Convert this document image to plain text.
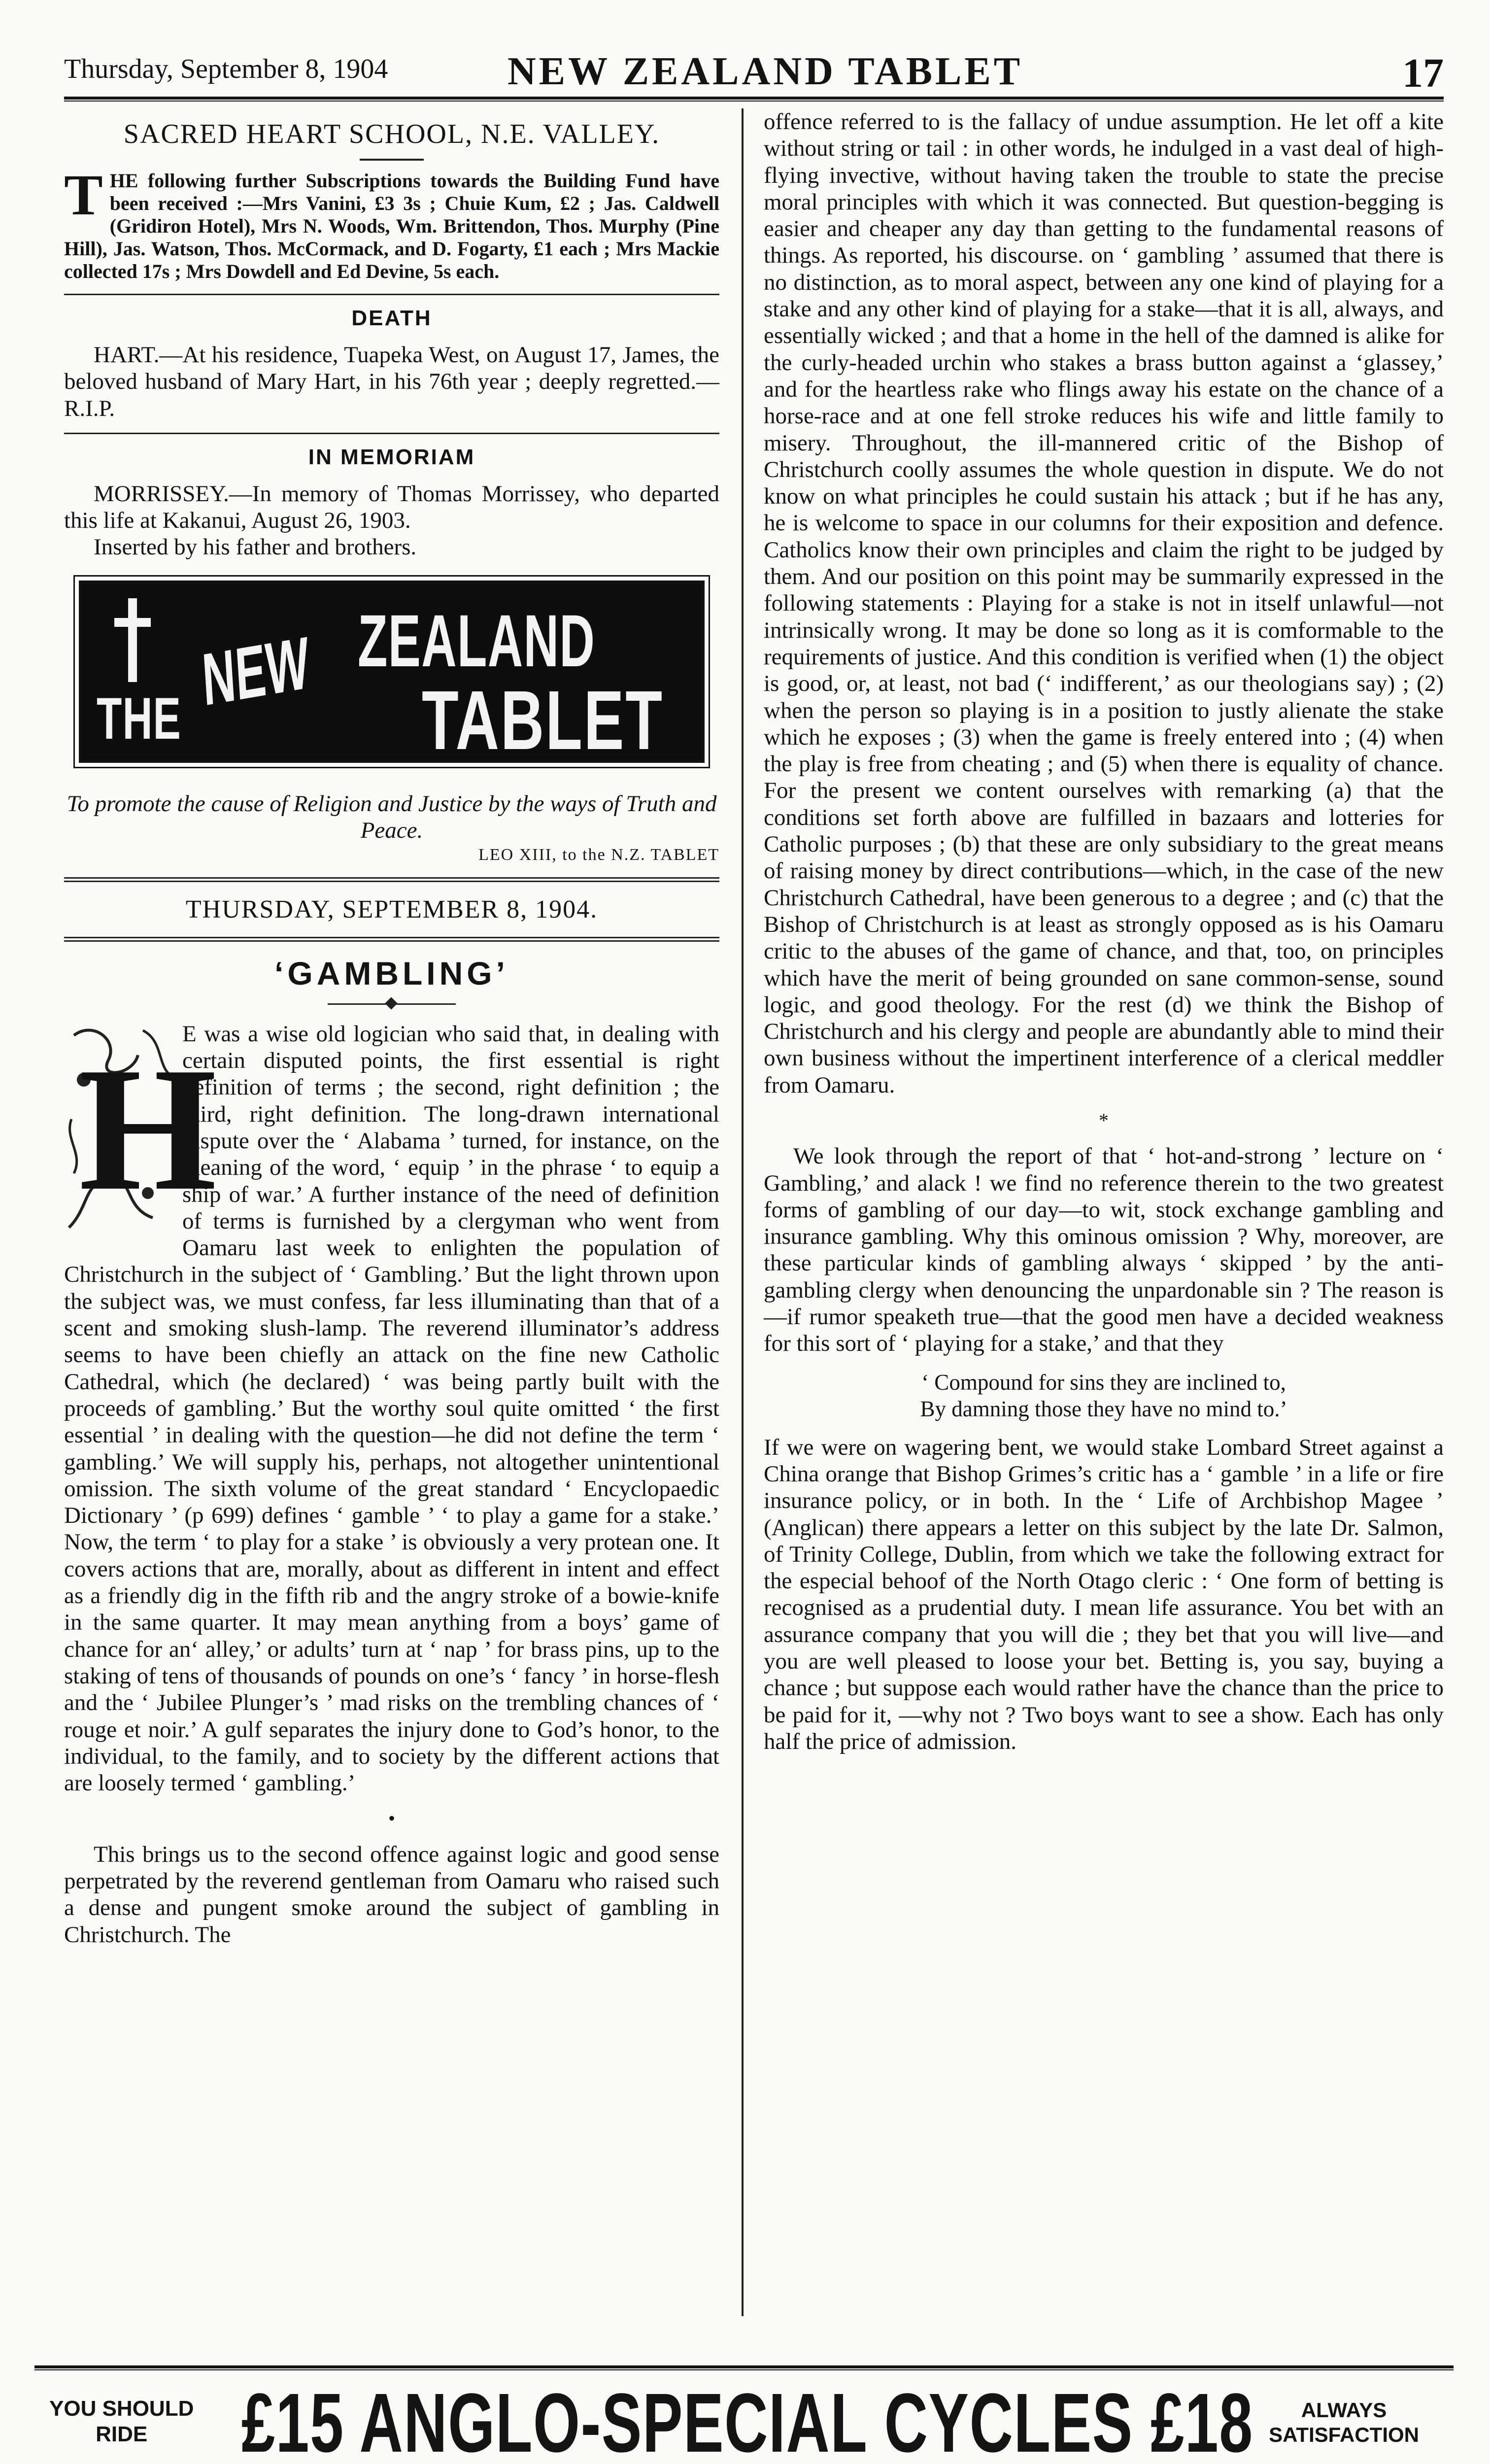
Thursday, September 8, 1904	NEW ZEALAND TABLET	17
SACRED HEART SCHOOL, N.E. VALLEY.
T HE following further Subscriptions towards the Building Fund have been received :—Mrs Vanini, £3 3s ; Chuie Kum, £2 ; Jas. Caldwell (Gridiron Hotel), Mrs N. Woods, Wm. Brittendon, Thos. Murphy (Pine Hill), Jas. Watson, Thos. McCormack, and D. Fogarty, £1 each ; Mrs Mackie collected 17s ; Mrs Dowdell and Ed Devine, 5s each.
DEATH

HART.—At his residence, Tuapeka West, on August 17, James, the beloved husband of Mary Hart, in his 76th year ; deeply regretted.—R.I.P.

IN MEMORIAM

MORRISSEY.—In memory of Thomas Morrissey, who departed this life at Kakanui, August 26, 1903.

Inserted by his father and brothers.

THE NEW ZEALAND
TABLET
To promote the cause of Religion and Justice by the ways of Truth and Peace.
LEO XIII, to the N.Z. TABLET
THURSDAY, SEPTEMBER 8, 1904.
‘GAMBLING’
H
E was a wise old logician who said that, in dealing with certain disputed points, the first essential is right definition of terms ; the second, right definition ; the third, right definition. The long-drawn international dispute over the ‘ Alabama ’ turned, for instance, on the meaning of the word, ‘ equip ’ in the phrase ‘ to equip a ship of war.’ A further instance of the need of definition of terms is furnished by a clergyman who went from Oamaru last week to enlighten the population of Christchurch in the subject of ‘ Gambling.’ But the light thrown upon the subject was, we must confess, far less illuminating than that of a scent and smoking slush-lamp. The reverend illuminator’s address seems to have been chiefly an attack on the fine new Catholic Cathedral, which (he declared) ‘ was being partly built with the proceeds of gambling.’ But the worthy soul quite omitted ‘ the first essential ’ in dealing with the question—he did not define the term ‘ gambling.’ We will supply his, perhaps, not altogether unintentional omission. The sixth volume of the great standard ‘ Encyclopaedic Dictionary ’ (p 699) defines ‘ gamble ’ ‘ to play a game for a stake.’ Now, the term ‘ to play for a stake ’ is obviously a very protean one. It covers actions that are, morally, about as different in intent and effect as a friendly dig in the fifth rib and the angry stroke of a bowie-knife in the same quarter. It may mean anything from a boys’ game of chance for an‘ alley,’ or adults’ turn at ‘ nap ’ for brass pins, up to the staking of tens of thousands of pounds on one’s ‘ fancy ’ in horse-flesh and the ‘ Jubilee Plunger’s ’ mad risks on the trembling chances of ‘ rouge et noir.’ A gulf separates the injury done to God’s honor, to the individual, to the family, and to society by the different actions that are loosely termed ‘ gambling.’
•

This brings us to the second offence against logic and good sense perpetrated by the reverend gentleman from Oamaru who raised such a dense and pungent smoke around the subject of gambling in Christchurch. The

offence referred to is the fallacy of undue assumption. He let off a kite without string or tail : in other words, he indulged in a vast deal of high-flying invective, without having taken the trouble to state the precise moral principles with which it was connected. But question-begging is easier and cheaper any day than getting to the fundamental reasons of things. As reported, his discourse. on ‘ gambling ’ assumed that there is no distinction, as to moral aspect, between any one kind of playing for a stake and any other kind of playing for a stake—that it is all, always, and essentially wicked ; and that a home in the hell of the damned is alike for the curly-headed urchin who stakes a brass button against a ‘glassey,’ and for the heartless rake who flings away his estate on the chance of a horse-race and at one fell stroke reduces his wife and little family to misery. Throughout, the ill-mannered critic of the Bishop of Christchurch coolly assumes the whole question in dispute. We do not know on what principles he could sustain his attack ; but if he has any, he is welcome to space in our columns for their exposition and defence. Catholics know their own principles and claim the right to be judged by them. And our position on this point may be summarily expressed in the following statements : Playing for a stake is not in itself unlawful—not intrinsically wrong. It may be done so long as it is comformable to the requirements of justice. And this condition is verified when (1) the object is good, or, at least, not bad (‘ indifferent,’ as our theologians say) ; (2) when the person so playing is in a position to justly alienate the stake which he exposes ; (3) when the game is freely entered into ; (4) when the play is free from cheating ; and (5) when there is equality of chance. For the present we content ourselves with remarking (a) that the conditions set forth above are fulfilled in bazaars and lotteries for Catholic purposes ; (b) that these are only subsidiary to the great means of raising money by direct contributions—which, in the case of the new Christchurch Cathedral, have been generous to a degree ; and (c) that the Bishop of Christchurch is at least as strongly opposed as is his Oamaru critic to the abuses of the game of chance, and that, too, on principles which have the merit of being grounded on sane common-sense, sound logic, and good theology. For the rest (d) we think the Bishop of Christchurch and his clergy and people are abundantly able to mind their own business without the impertinent interference of a clerical meddler from Oamaru.

*

We look through the report of that ‘ hot-and-strong ’ lecture on ‘ Gambling,’ and alack ! we find no reference therein to the two greatest forms of gambling of our day—to wit, stock exchange gambling and insurance gambling. Why this ominous omission ? Why, moreover, are these particular kinds of gambling always ‘ skipped ’ by the anti-gambling clergy when denouncing the unpardonable sin ? The reason is—if rumor speaketh true—that the good men have a decided weakness for this sort of ‘ playing for a stake,’ and that they

‘ Compound for sins they are inclined to,
By damning those they have no mind to.’

If we were on wagering bent, we would stake Lombard Street against a China orange that Bishop Grimes’s critic has a ‘ gamble ’ in a life or fire insurance policy, or in both. In the ‘ Life of Archbishop Magee ’ (Anglican) there appears a letter on this subject by the late Dr. Salmon, of Trinity College, Dublin, from which we take the following extract for the especial behoof of the North Otago cleric : ‘ One form of betting is recognised as a prudential duty. I mean life assurance. You bet with an assurance company that you will die ; they bet that you will live—and you are well pleased to loose your bet. Betting is, you say, buying a chance ; but suppose each would rather have the chance than the price to be paid for it, —why not ? Two boys want to see a show. Each has only half the price of admission.

YOU SHOULD
RIDE	£15 ANGLO-SPECIAL CYCLES £18	ALWAYS
SATISFACTION
